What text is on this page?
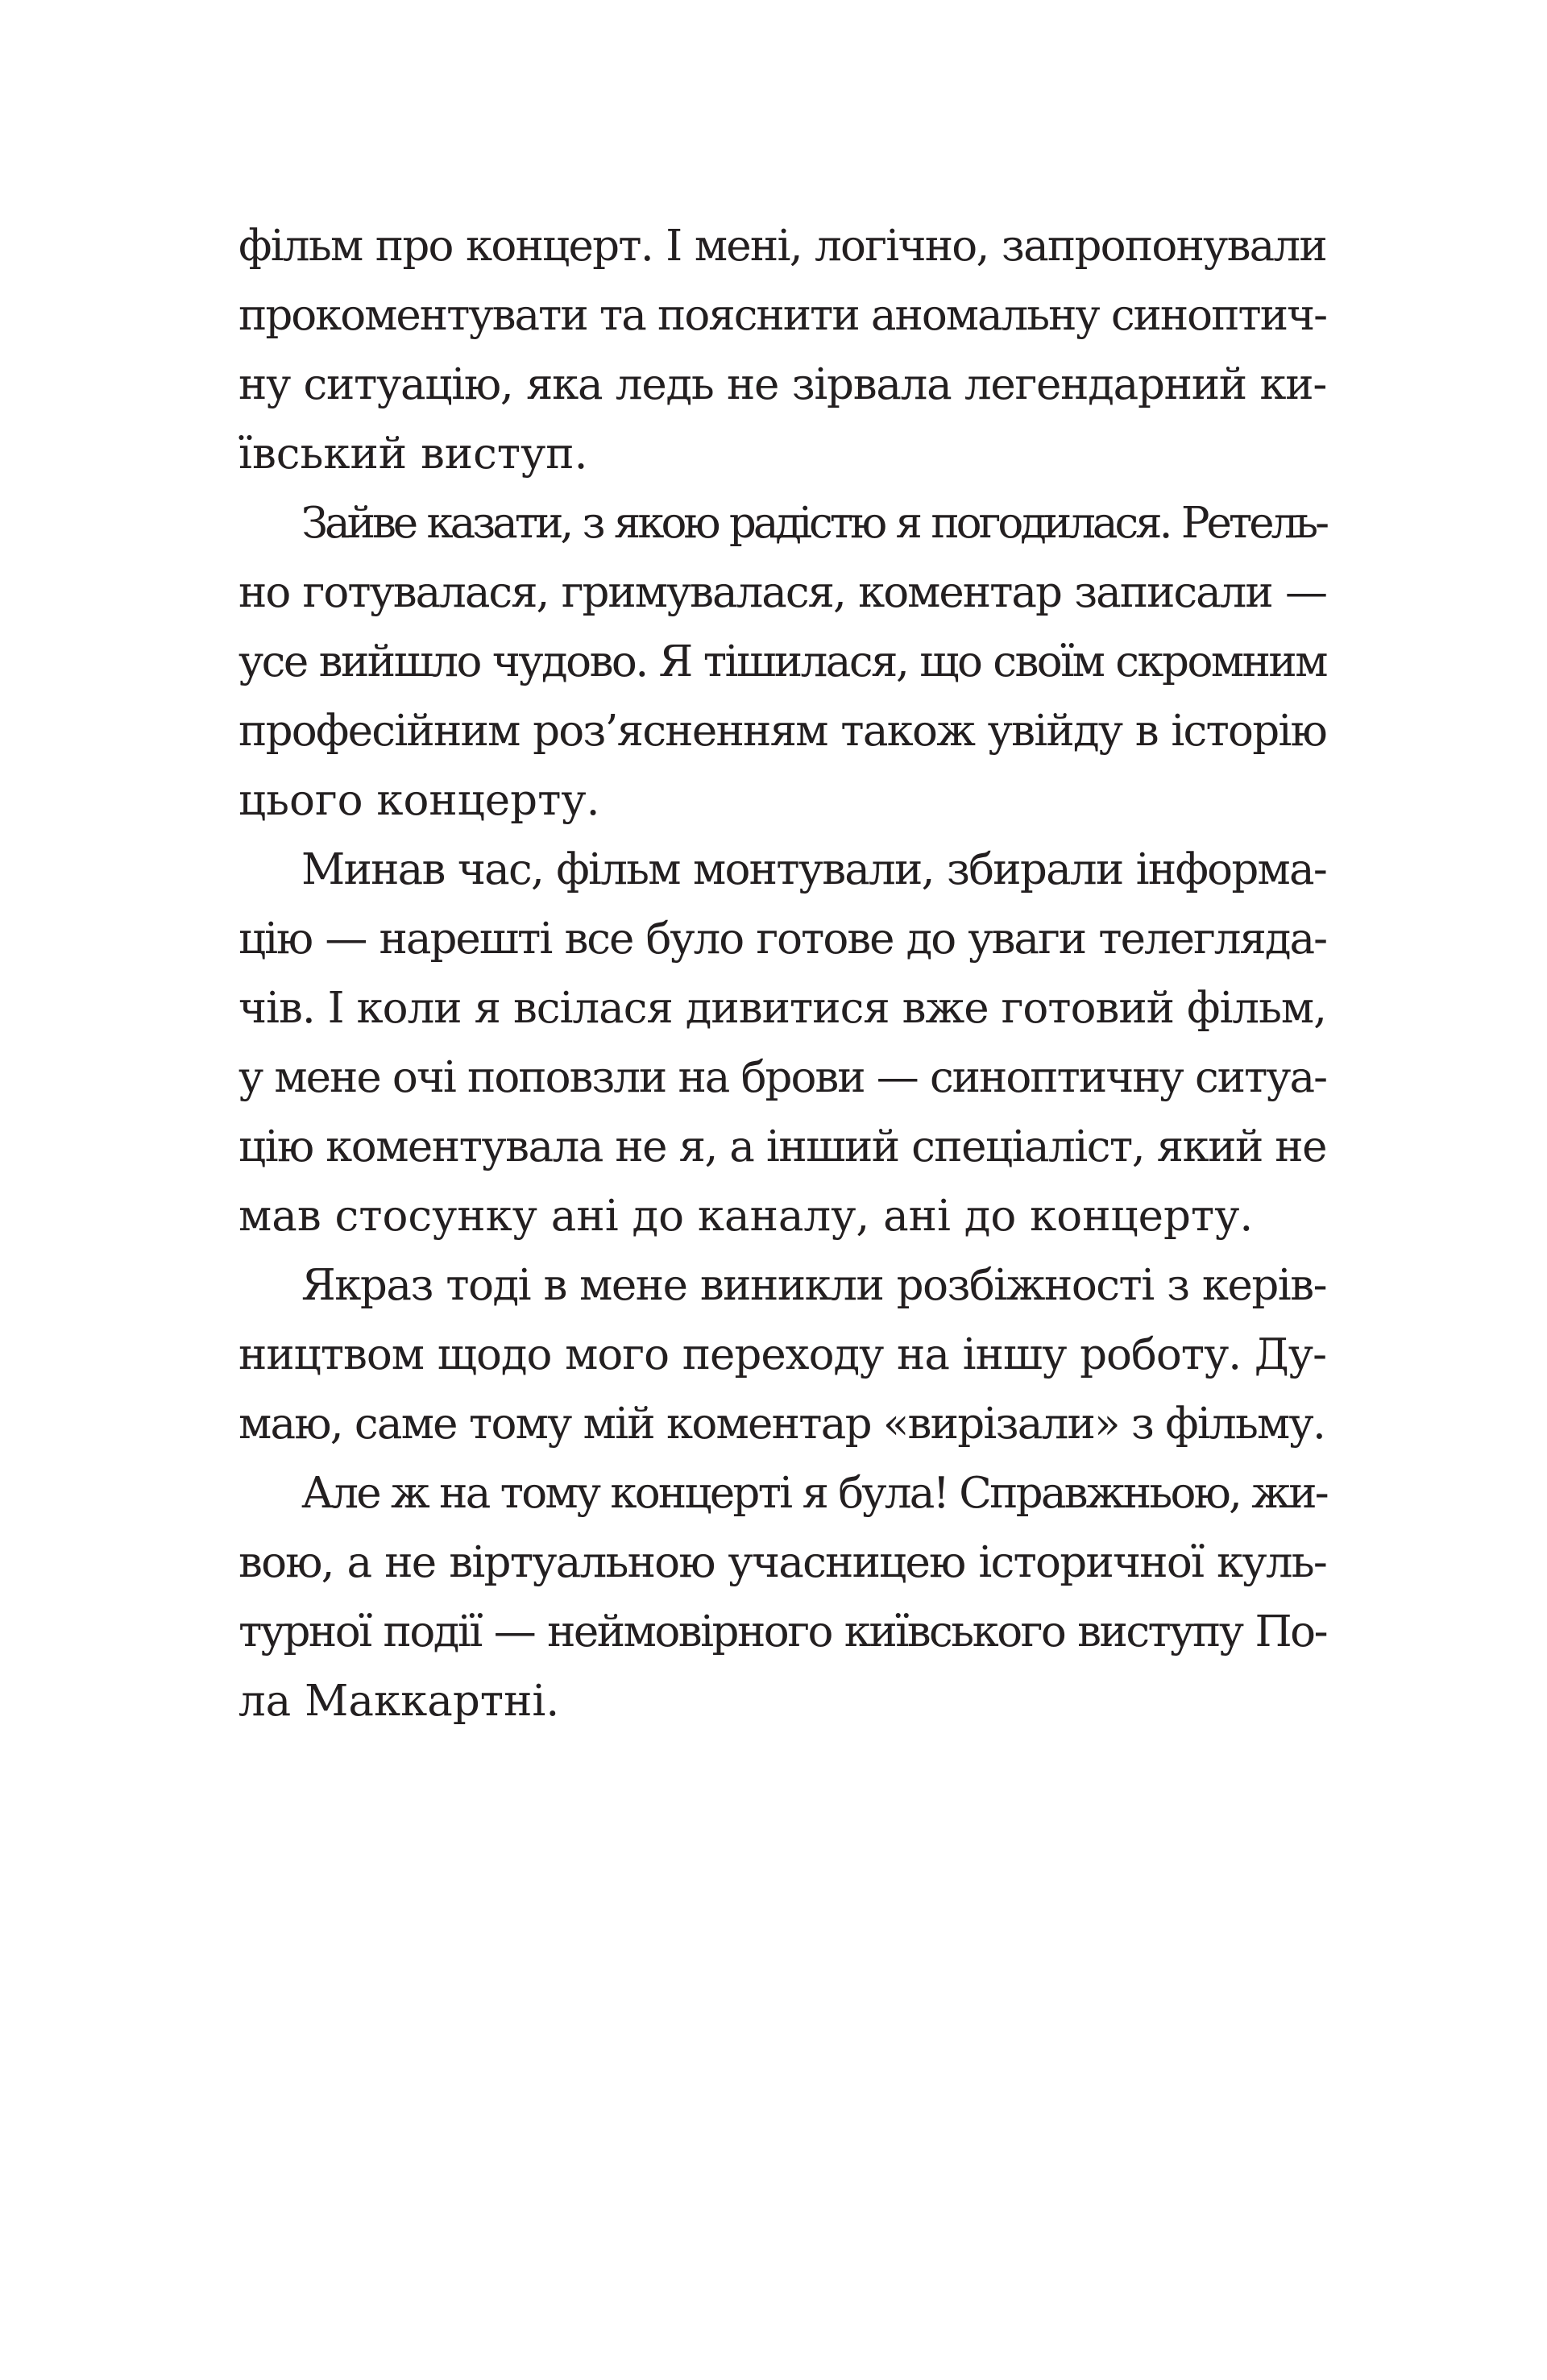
фільм про концерт. І мені, логічно, запропонували
прокоментувати та пояснити аномальну синоптич-
ну ситуацію, яка ледь не зірвала легендарний ки-
ївський виступ.
Зайве казати, з якою радістю я погодилася. Ретель-
но готувалася, гримувалася, коментар записали —
усе вийшло чудово. Я тішилася, що своїм скромним
професійним роз’ясненням також увійду в історію
цього концерту.
Минав час, фільм монтували, збирали інформа-
цію — нарешті все було готове до уваги телегляда-
чів. І коли я всілася дивитися вже готовий фільм,
у мене очі поповзли на брови — синоптичну ситуа-
цію коментувала не я, а інший спеціаліст, який не
мав стосунку ані до каналу, ані до концерту.
Якраз тоді в мене виникли розбіжності з керів-
ництвом щодо мого переходу на іншу роботу. Ду-
маю, саме тому мій коментар «вирізали» з фільму.
Але ж на тому концерті я була! Справжньою, жи-
вою, а не віртуальною учасницею історичної куль-
турної події — неймовірного київського виступу По-
ла Маккартні.
